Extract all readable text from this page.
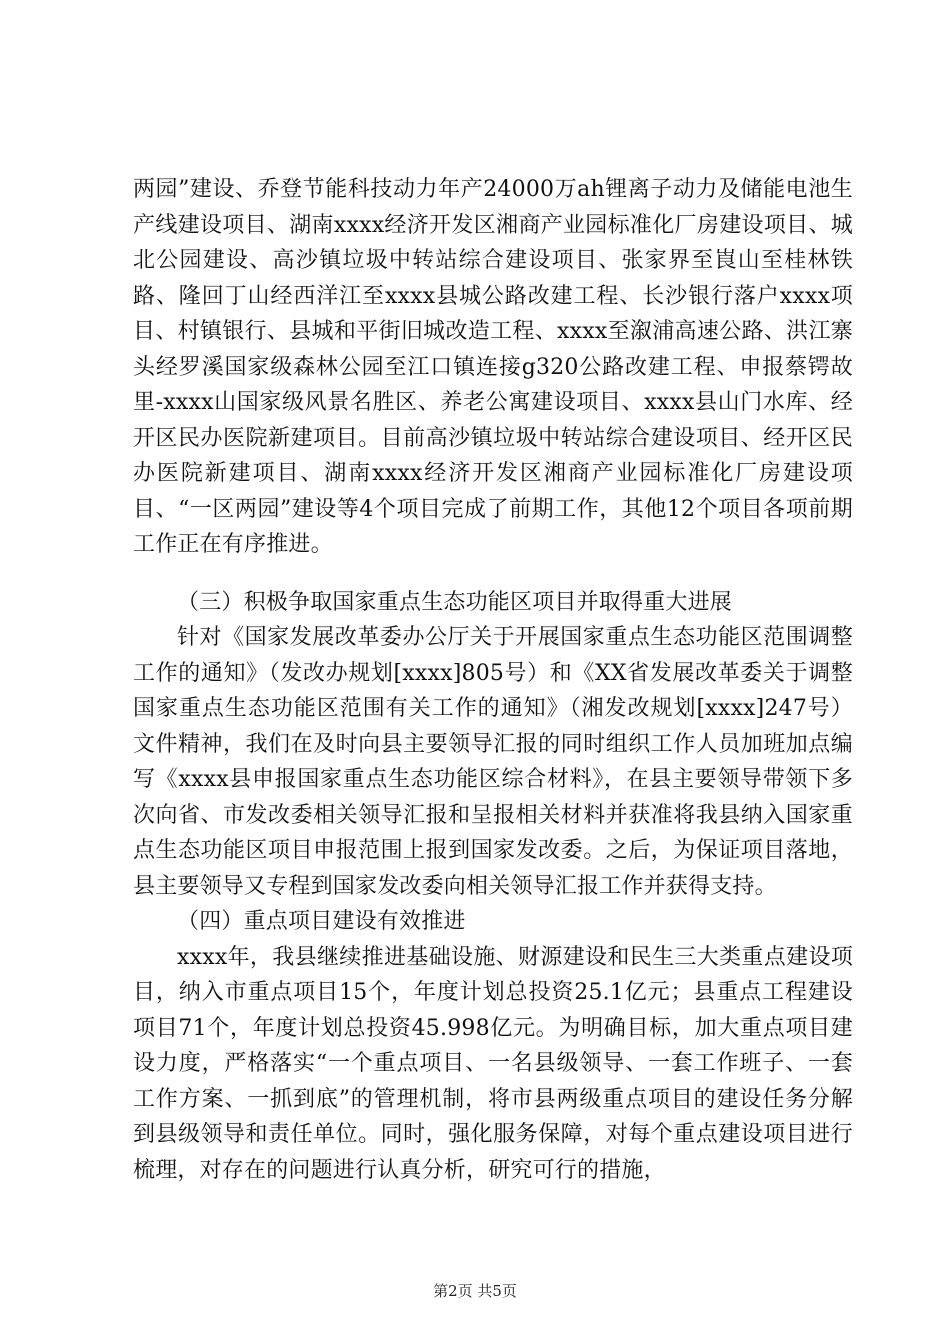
两园”建设、乔登节能科技动力年产24000万ah锂离子动力及储能电池生产线建设项目、湖南xxxx经济开发区湘商产业园标准化厂房建设项目、城北公园建设、高沙镇垃圾中转站综合建设项目、张家界至崀山至桂林铁路、隆回丁山经西洋江至xxxx县城公路改建工程、长沙银行落户xxxx项目、村镇银行、县城和平街旧城改造工程、xxxx至溆浦高速公路、洪江寨头经罗溪国家级森林公园至江口镇连接g320公路改建工程、申报蔡锷故里-xxxx山国家级风景名胜区、养老公寓建设项目、xxxx县山门水库、经开区民办医院新建项目。目前高沙镇垃圾中转站综合建设项目、经开区民办医院新建项目、湖南xxxx经济开发区湘商产业园标准化厂房建设项目、“一区两园”建设等4个项目完成了前期工作，其他12个项目各项前期工作正在有序推进。

（三）积极争取国家重点生态功能区项目并取得重大进展

针对《国家发展改革委办公厅关于开展国家重点生态功能区范围调整工作的通知》（发改办规划[xxxx]805号）和《XX省发展改革委关于调整国家重点生态功能区范围有关工作的通知》（湘发改规划[xxxx]247号）文件精神，我们在及时向县主要领导汇报的同时组织工作人员加班加点编写《xxxx县申报国家重点生态功能区综合材料》，在县主要领导带领下多次向省、市发改委相关领导汇报和呈报相关材料并获准将我县纳入国家重点生态功能区项目申报范围上报到国家发改委。之后，为保证项目落地，县主要领导又专程到国家发改委向相关领导汇报工作并获得支持。

（四）重点项目建设有效推进

xxxx年，我县继续推进基础设施、财源建设和民生三大类重点建设项目，纳入市重点项目15个，年度计划总投资25.1亿元；县重点工程建设项目71个，年度计划总投资45.998亿元。为明确目标，加大重点项目建设力度，严格落实“一个重点项目、一名县级领导、一套工作班子、一套工作方案、一抓到底”的管理机制，将市县两级重点项目的建设任务分解到县级领导和责任单位。同时，强化服务保障，对每个重点建设项目进行梳理，对存在的问题进行认真分析，研究可行的措施，

第2页 共5页
